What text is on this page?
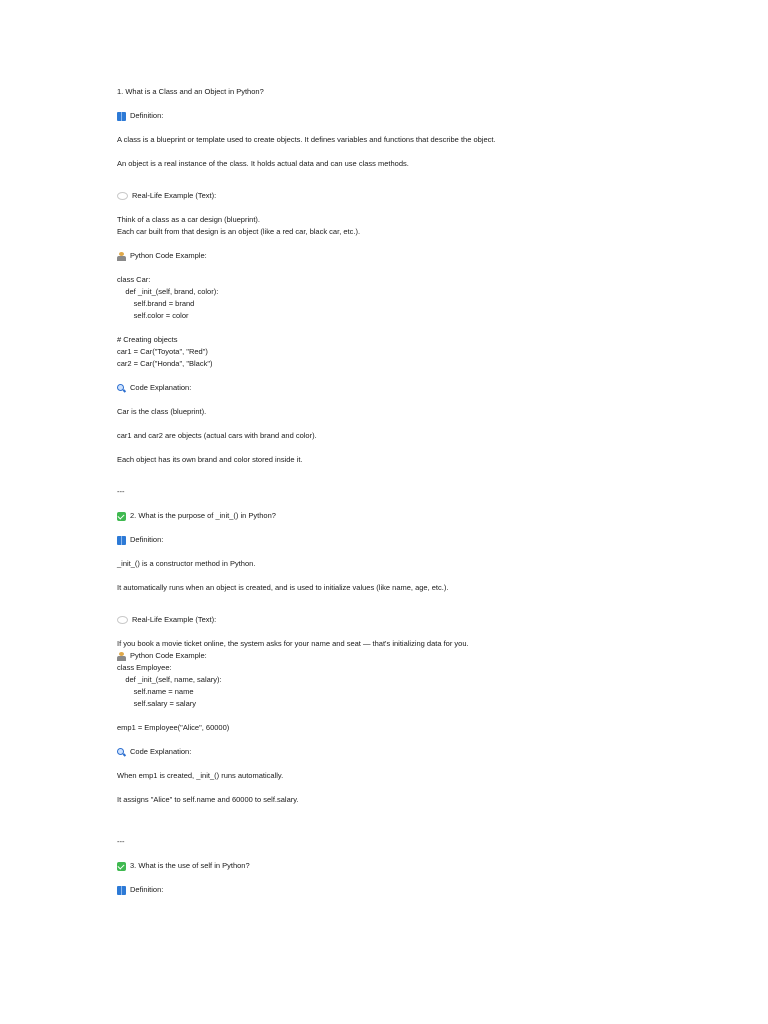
1. What is a Class and an Object in Python?
Definition:
A class is a blueprint or template used to create objects. It defines variables and functions that describe the object.
An object is a real instance of the class. It holds actual data and can use class methods.
Real-Life Example (Text):
Think of a class as a car design (blueprint).
Each car built from that design is an object (like a red car, black car, etc.).
Python Code Example:
class Car:
def _init_(self, brand, color):
self.brand = brand
self.color = color
# Creating objects
car1 = Car("Toyota", "Red")
car2 = Car("Honda", "Black")
Code Explanation:
Car is the class (blueprint).
car1 and car2 are objects (actual cars with brand and color).
Each object has its own brand and color stored inside it.
---
2. What is the purpose of _init_() in Python?
Definition:
_init_() is a constructor method in Python.
It automatically runs when an object is created, and is used to initialize values (like name, age, etc.).
Real-Life Example (Text):
If you book a movie ticket online, the system asks for your name and seat — that's initializing data for you.
Python Code Example:
class Employee:
def _init_(self, name, salary):
self.name = name
self.salary = salary
emp1 = Employee("Alice", 60000)
Code Explanation:
When emp1 is created, _init_() runs automatically.
It assigns "Alice" to self.name and 60000 to self.salary.
---
3. What is the use of self in Python?
Definition:
